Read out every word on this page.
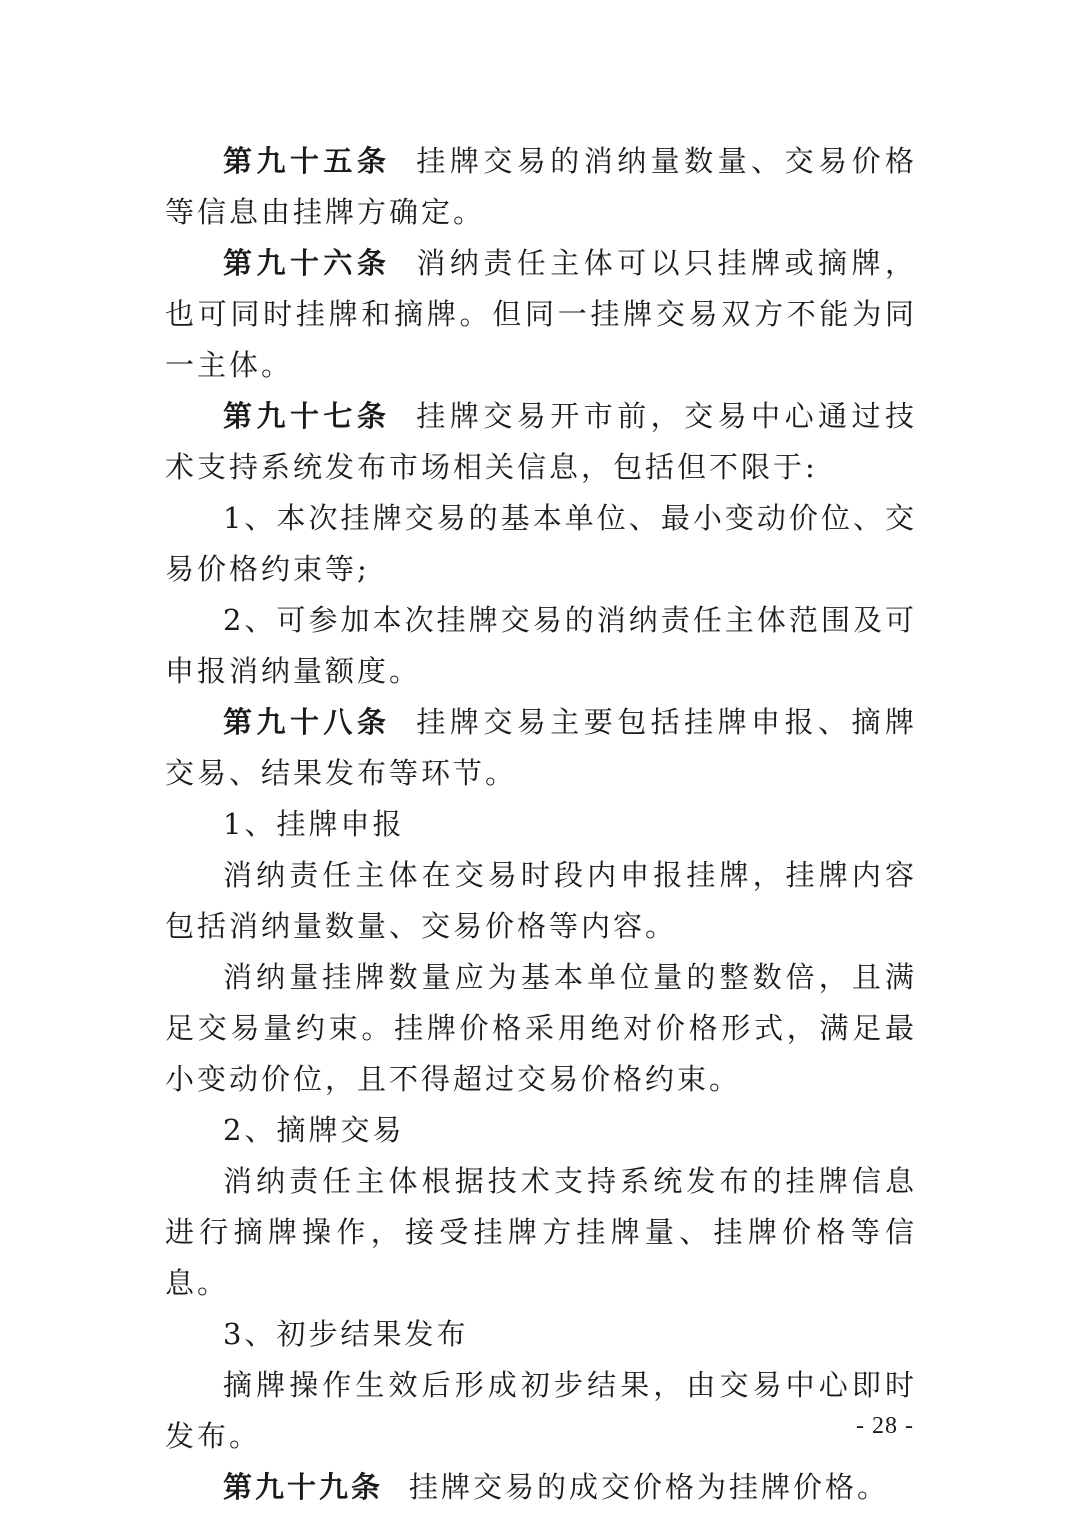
第九十五条 挂牌交易的消纳量数量、交易价格等信息由挂牌方确定。

第九十六条 消纳责任主体可以只挂牌或摘牌，也可同时挂牌和摘牌。但同一挂牌交易双方不能为同一主体。

第九十七条 挂牌交易开市前，交易中心通过技术支持系统发布市场相关信息，包括但不限于:

1、本次挂牌交易的基本单位、最小变动价位、交易价格约束等;

2、可参加本次挂牌交易的消纳责任主体范围及可申报消纳量额度。

第九十八条 挂牌交易主要包括挂牌申报、摘牌交易、结果发布等环节。

1、挂牌申报

消纳责任主体在交易时段内申报挂牌，挂牌内容包括消纳量数量、交易价格等内容。

消纳量挂牌数量应为基本单位量的整数倍，且满足交易量约束。挂牌价格采用绝对价格形式，满足最小变动价位，且不得超过交易价格约束。

2、摘牌交易

消纳责任主体根据技术支持系统发布的挂牌信息进行摘牌操作，接受挂牌方挂牌量、挂牌价格等信息。

3、初步结果发布

摘牌操作生效后形成初步结果，由交易中心即时发布。

第九十九条 挂牌交易的成交价格为挂牌价格。

- 28 -
